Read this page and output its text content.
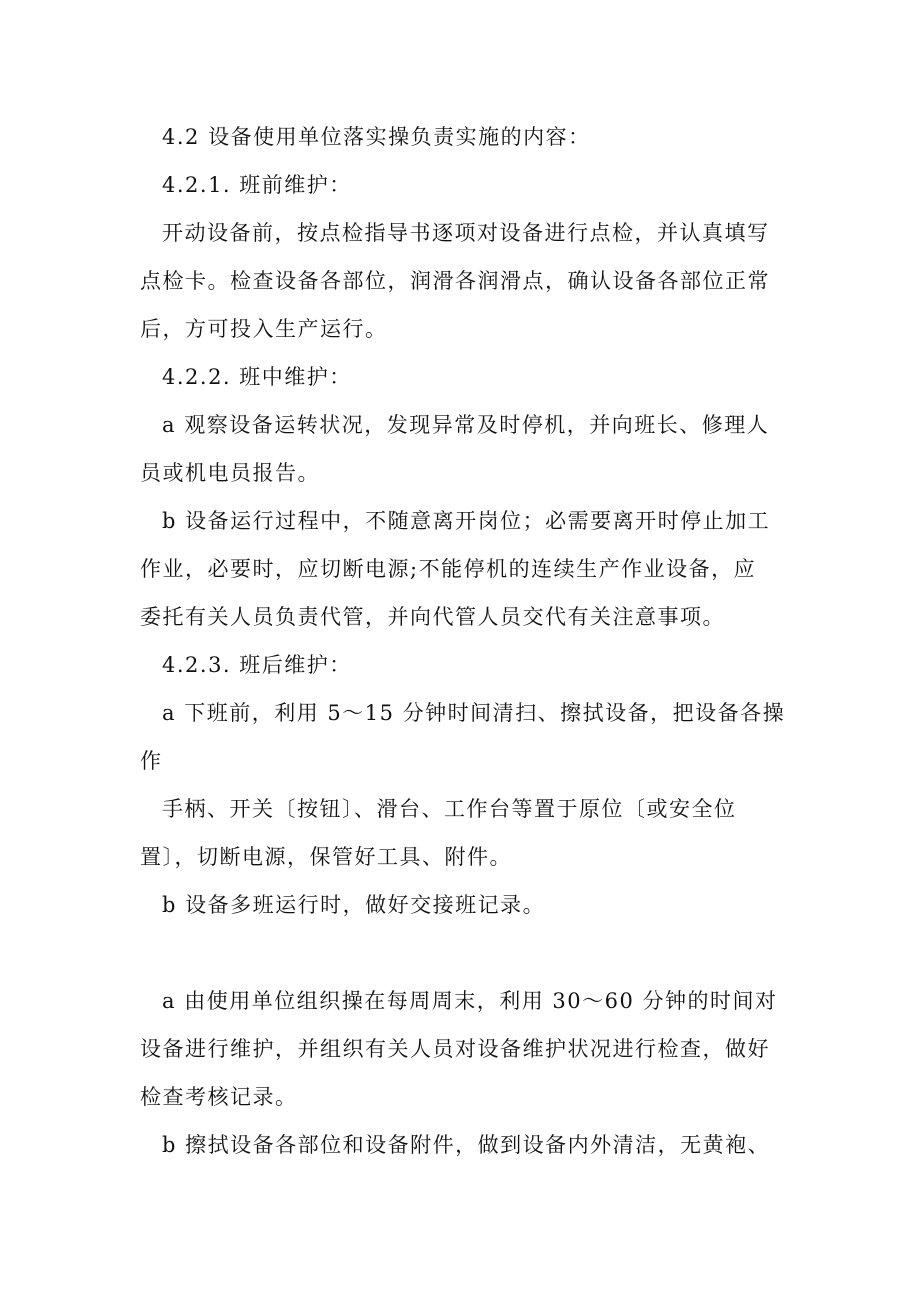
4.2 设备使用单位落实操负责实施的内容：
4.2.1. 班前维护：
开动设备前，按点检指导书逐项对设备进行点检，并认真填写
点检卡。检查设备各部位，润滑各润滑点，确认设备各部位正常
后，方可投入生产运行。
4.2.2. 班中维护：
a 观察设备运转状况，发现异常及时停机，并向班长、修理人
员或机电员报告。
b 设备运行过程中，不随意离开岗位；必需要离开时停止加工
作业，必要时，应切断电源;不能停机的连续生产作业设备，应
委托有关人员负责代管，并向代管人员交代有关注意事项。
4.2.3. 班后维护：
a 下班前，利用 5～15 分钟时间清扫、擦拭设备，把设备各操
作
手柄、开关〔按钮〕、滑台、工作台等置于原位〔或安全位
置〕，切断电源，保管好工具、附件。
b 设备多班运行时，做好交接班记录。
a 由使用单位组织操在每周周末，利用 30～60 分钟的时间对
设备进行维护，并组织有关人员对设备维护状况进行检查，做好
检查考核记录。
b 擦拭设备各部位和设备附件，做到设备内外清洁，无黄袍、
